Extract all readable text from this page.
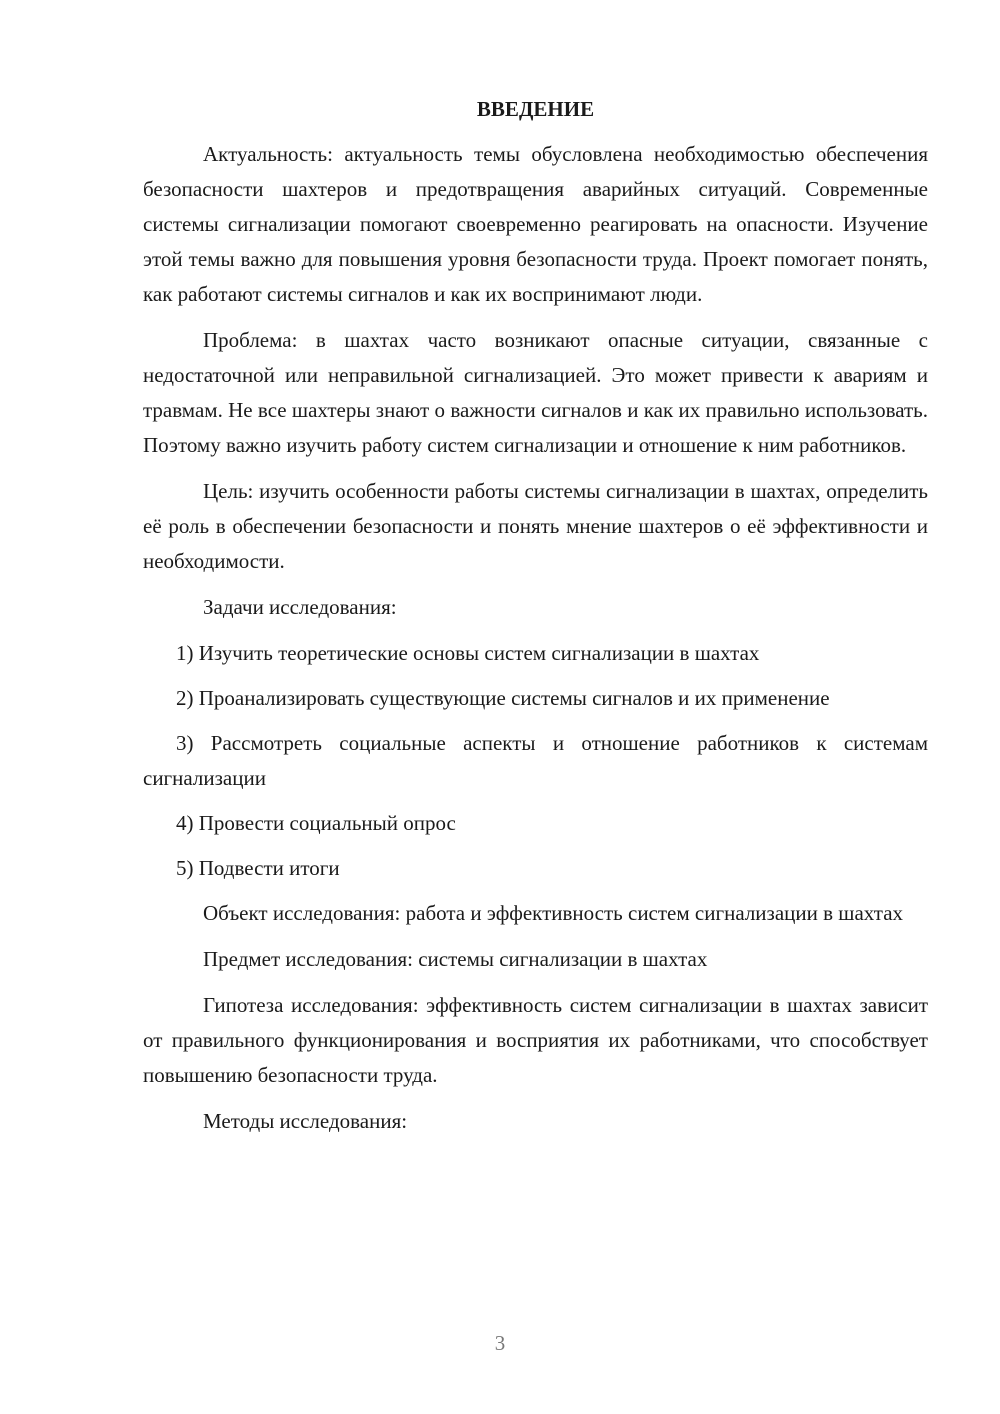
ВВЕДЕНИЕ

Актуальность: актуальность темы обусловлена необходимостью обеспечения безопасности шахтеров и предотвращения аварийных ситуаций. Современные системы сигнализации помогают своевременно реагировать на опасности. Изучение этой темы важно для повышения уровня безопасности труда. Проект помогает понять, как работают системы сигналов и как их воспринимают люди.

Проблема: в шахтах часто возникают опасные ситуации, связанные с недостаточной или неправильной сигнализацией. Это может привести к авариям и травмам. Не все шахтеры знают о важности сигналов и как их правильно использовать. Поэтому важно изучить работу систем сигнализации и отношение к ним работников.

Цель: изучить особенности работы системы сигнализации в шахтах, определить её роль в обеспечении безопасности и понять мнение шахтеров о её эффективности и необходимости.

Задачи исследования:

1) Изучить теоретические основы систем сигнализации в шахтах

2) Проанализировать существующие системы сигналов и их применение

3) Рассмотреть социальные аспекты и отношение работников к системам сигнализации

4) Провести социальный опрос

5) Подвести итоги

Объект исследования: работа и эффективность систем сигнализации в шахтах

Предмет исследования: системы сигнализации в шахтах

Гипотеза исследования: эффективность систем сигнализации в шахтах зависит от правильного функционирования и восприятия их работниками, что способствует повышению безопасности труда.

Методы исследования:

3
